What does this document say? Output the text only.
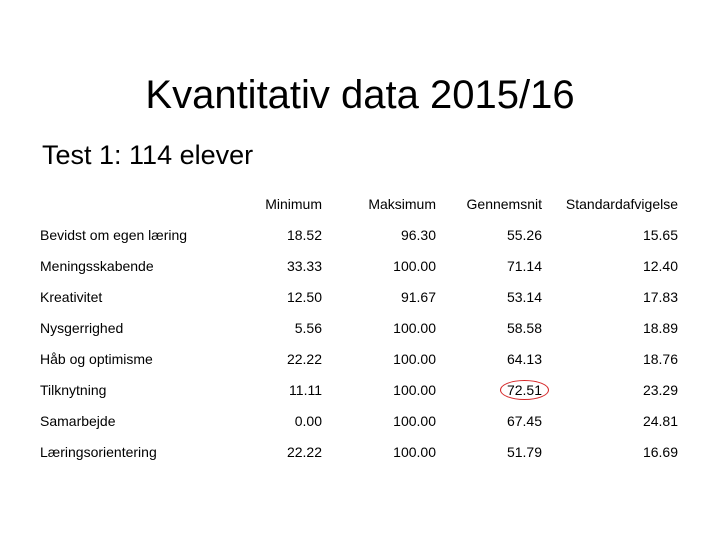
Kvantitativ data 2015/16
Test 1: 114 elever
	Minimum	Maksimum	Gennemsnit	Standardafvigelse
Bevidst om egen læring	18.52	96.30	55.26	15.65
Meningsskabende	33.33	100.00	71.14	12.40
Kreativitet	12.50	91.67	53.14	17.83
Nysgerrighed	5.56	100.00	58.58	18.89
Håb og optimisme	22.22	100.00	64.13	18.76
Tilknytning	11.11	100.00	72.51	23.29
Samarbejde	0.00	100.00	67.45	24.81
Læringsorientering	22.22	100.00	51.79	16.69
